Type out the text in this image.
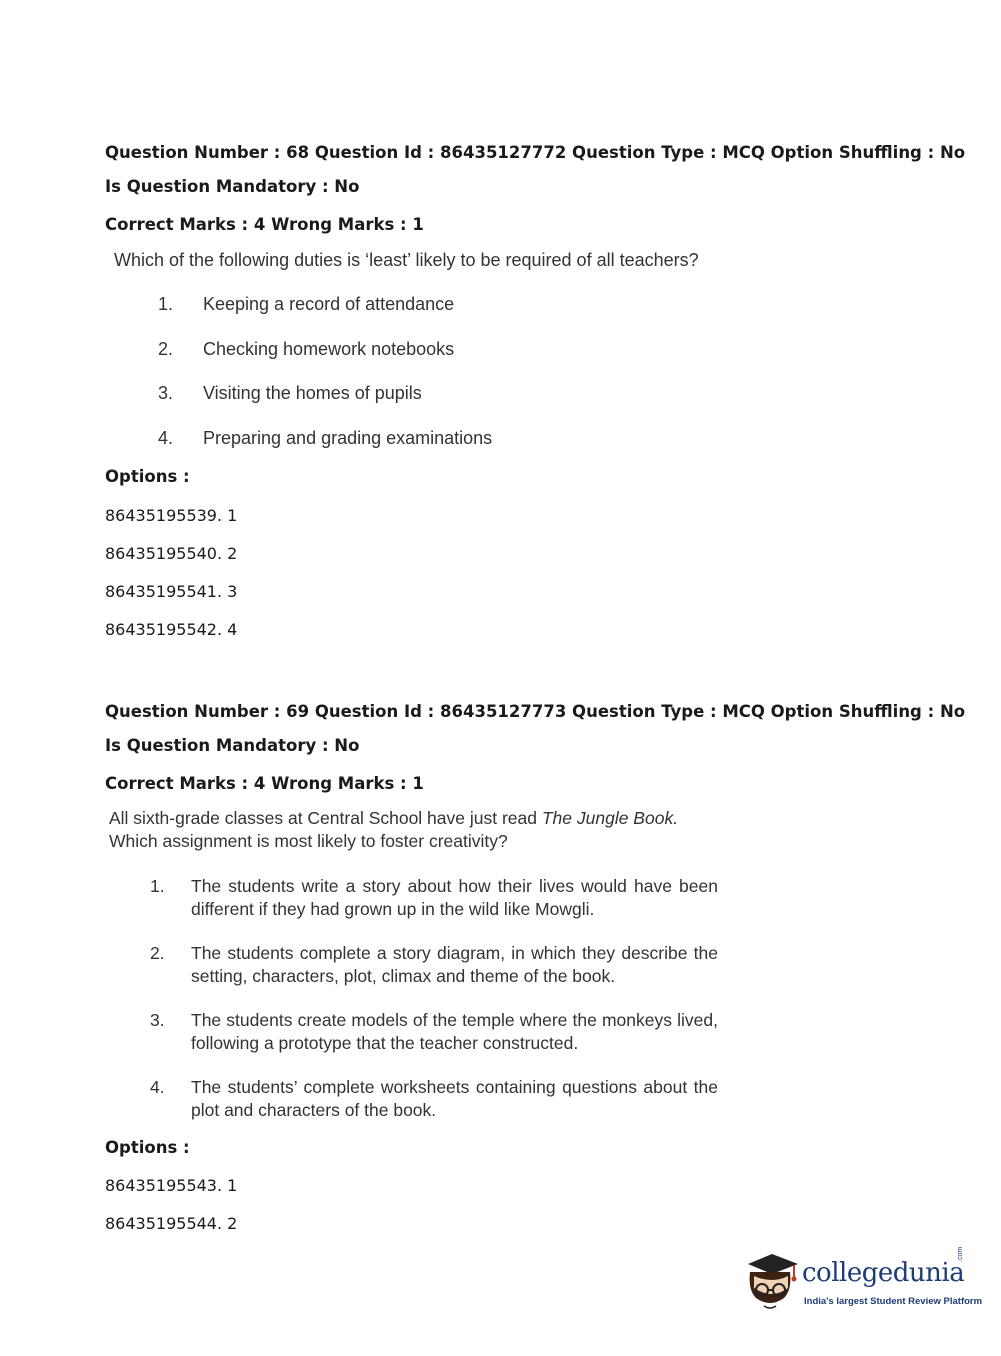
Question Number : 68 Question Id : 86435127772 Question Type : MCQ Option Shuffling : No
Is Question Mandatory : No
Correct Marks : 4 Wrong Marks : 1
Which of the following duties is ‘least’ likely to be required of all teachers?
1. Keeping a record of attendance
2. Checking homework notebooks
3. Visiting the homes of pupils
4. Preparing and grading examinations
Options :
86435195539. 1
86435195540. 2
86435195541. 3
86435195542. 4
Question Number : 69 Question Id : 86435127773 Question Type : MCQ Option Shuffling : No
Is Question Mandatory : No
Correct Marks : 4 Wrong Marks : 1
All sixth-grade classes at Central School have just read The Jungle Book.
Which assignment is most likely to foster creativity?
1. The students write a story about how their lives would have been different if they had grown up in the wild like Mowgli.
2. The students complete a story diagram, in which they describe the setting, characters, plot, climax and theme of the book.
3. The students create models of the temple where the monkeys lived, following a prototype that the teacher constructed.
4. The students’ complete worksheets containing questions about the plot and characters of the book.
Options :
86435195543. 1
86435195544. 2
collegedunia
.com
India's largest Student Review Platform
